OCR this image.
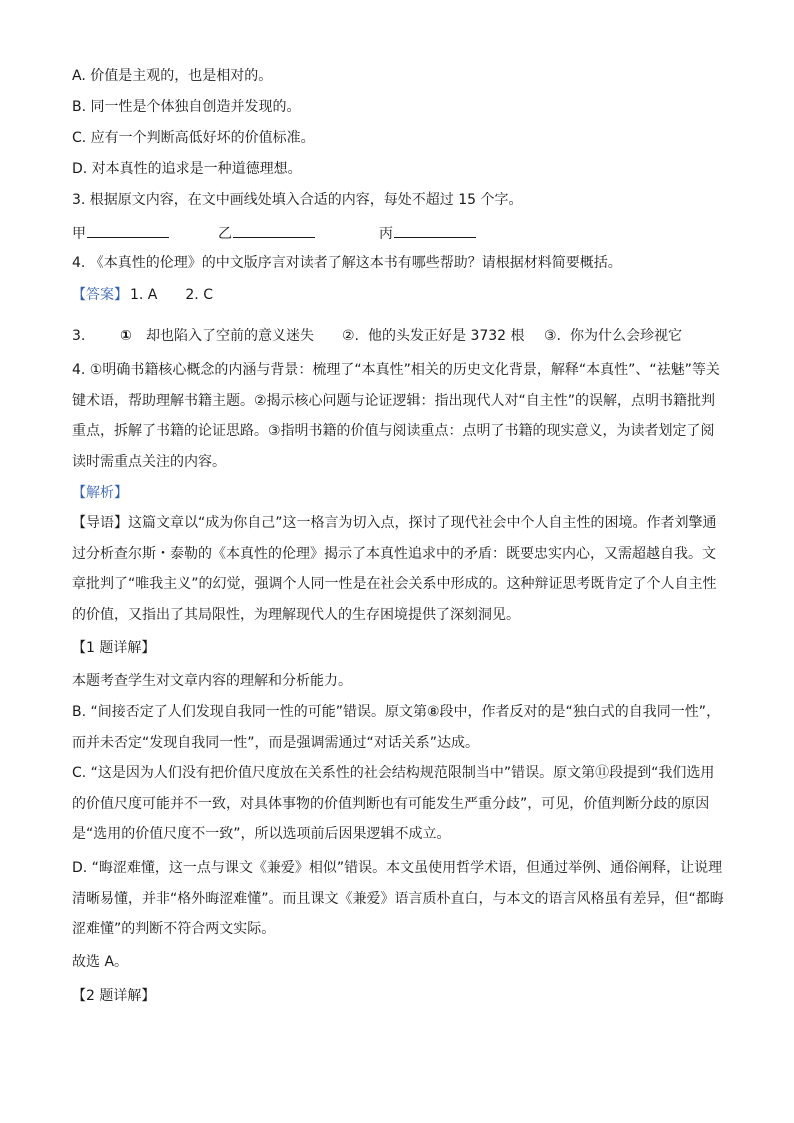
A. 价值是主观的，也是相对的。
B. 同一性是个体独自创造并发现的。
C. 应有一个判断高低好坏的价值标准。
D. 对本真性的追求是一种道德理想。
3. 根据原文内容，在文中画线处填入合适的内容，每处不超过 15 个字。
甲	乙	丙
4. 《本真性的伦理》的中文版序言对读者了解这本书有哪些帮助？请根据材料简要概括。
【答案】 1. A 2. C
3. ① 却也陷入了空前的意义迷失 ②. 他的头发正好是 3732 根 ③. 你为什么会珍视它
4. ①明确书籍核心概念的内涵与背景：梳理了“本真性”相关的历史文化背景，解释“本真性”、“祛魅”等关键术语，帮助理解书籍主题。②揭示核心问题与论证逻辑：指出现代人对“自主性”的误解，点明书籍批判重点，拆解了书籍的论证思路。③指明书籍的价值与阅读重点：点明了书籍的现实意义，为读者划定了阅读时需重点关注的内容。
【解析】
【导语】这篇文章以“成为你自己”这一格言为切入点，探讨了现代社会中个人自主性的困境。作者刘擎通过分析查尔斯・泰勒的《本真性的伦理》揭示了本真性追求中的矛盾：既要忠实内心，又需超越自我。文章批判了“唯我主义”的幻觉，强调个人同一性是在社会关系中形成的。这种辩证思考既肯定了个人自主性的价值，又指出了其局限性，为理解现代人的生存困境提供了深刻洞见。
【1 题详解】
本题考查学生对文章内容的理解和分析能力。
B. “间接否定了人们发现自我同一性的可能”错误。原文第⑧段中，作者反对的是“独白式的自我同一性”，而并未否定“发现自我同一性”，而是强调需通过“对话关系”达成。
C. “这是因为人们没有把价值尺度放在关系性的社会结构规范限制当中”错误。原文第⑪段提到“我们选用的价值尺度可能并不一致，对具体事物的价值判断也有可能发生严重分歧”，可见，价值判断分歧的原因是“选用的价值尺度不一致”，所以选项前后因果逻辑不成立。
D. “晦涩难懂，这一点与课文《兼爱》相似”错误。本文虽使用哲学术语，但通过举例、通俗阐释，让说理清晰易懂，并非“格外晦涩难懂”。而且课文《兼爱》语言质朴直白，与本文的语言风格虽有差异，但“都晦涩难懂”的判断不符合两文实际。
故选 A。
【2 题详解】
